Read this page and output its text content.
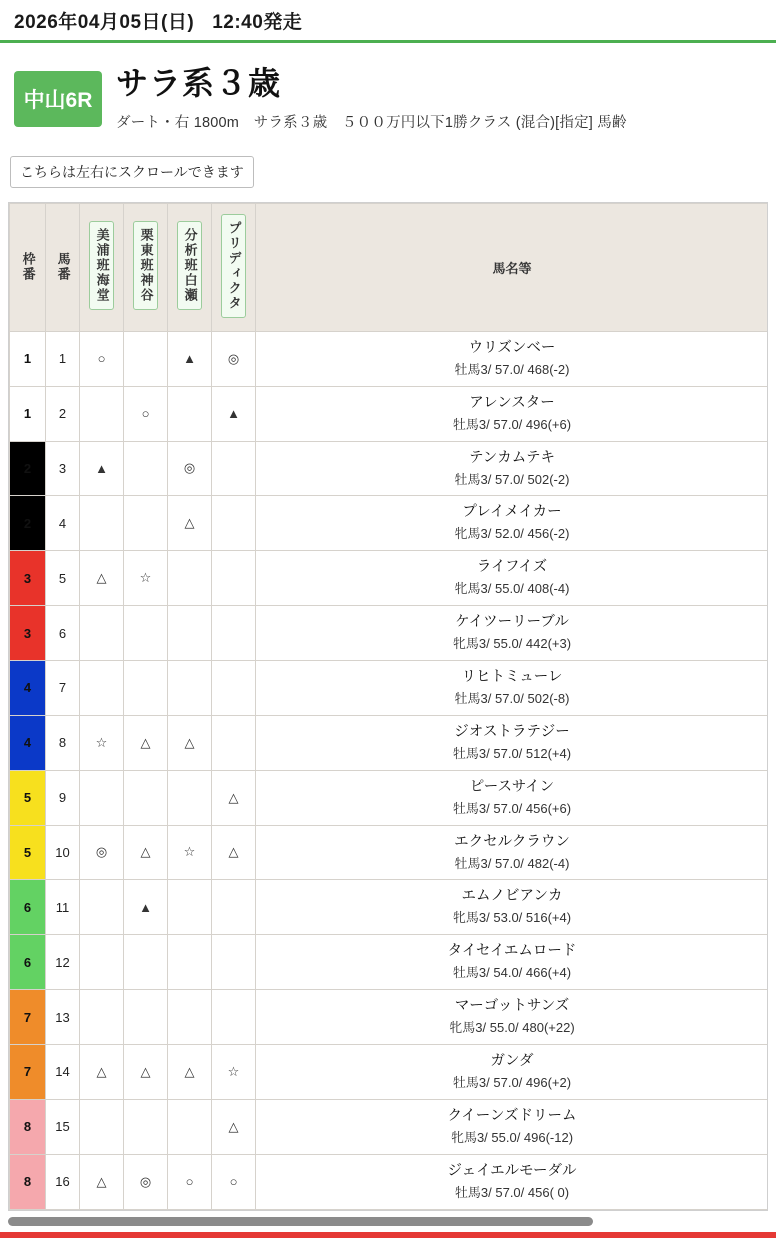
2026年04月05日(日) 12:40発走
中山6R サラ系３歳
ダート・右 1800m　サラ系３歳　５００万円以下1勝クラス (混合)[指定] 馬齢
こちらは左右にスクロールできます
枠番	馬番	美浦班海堂	栗東班神谷	分析班白瀬	プリディクタ	馬名等
1	1	○		▲	◎	ウリズンベー
牡馬3/ 57.0/ 468(-2)

1	2		○		▲	アレンスター
牡馬3/ 57.0/ 496(+6)

2	3	▲		◎		テンカムテキ
牡馬3/ 57.0/ 502(-2)

2	4			△		プレイメイカー
牝馬3/ 52.0/ 456(-2)

3	5	△	☆			ライフイズ
牝馬3/ 55.0/ 408(-4)

3	6					ケイツーリーブル
牝馬3/ 55.0/ 442(+3)

4	7					リヒトミューレ
牡馬3/ 57.0/ 502(-8)

4	8	☆	△	△		ジオストラテジー
牡馬3/ 57.0/ 512(+4)

5	9				△	ピースサイン
牡馬3/ 57.0/ 456(+6)

5	10	◎	△	☆	△	エクセルクラウン
牡馬3/ 57.0/ 482(-4)

6	11		▲			エムノビアンカ
牝馬3/ 53.0/ 516(+4)

6	12					タイセイエムロード
牡馬3/ 54.0/ 466(+4)

7	13					マーゴットサンズ
牝馬3/ 55.0/ 480(+22)

7	14	△	△	△	☆	ガンダ
牡馬3/ 57.0/ 496(+2)

8	15				△	クイーンズドリーム
牝馬3/ 55.0/ 496(-12)

8	16	△	◎	○	○	ジェイエルモーダル
牡馬3/ 57.0/ 456( 0)
